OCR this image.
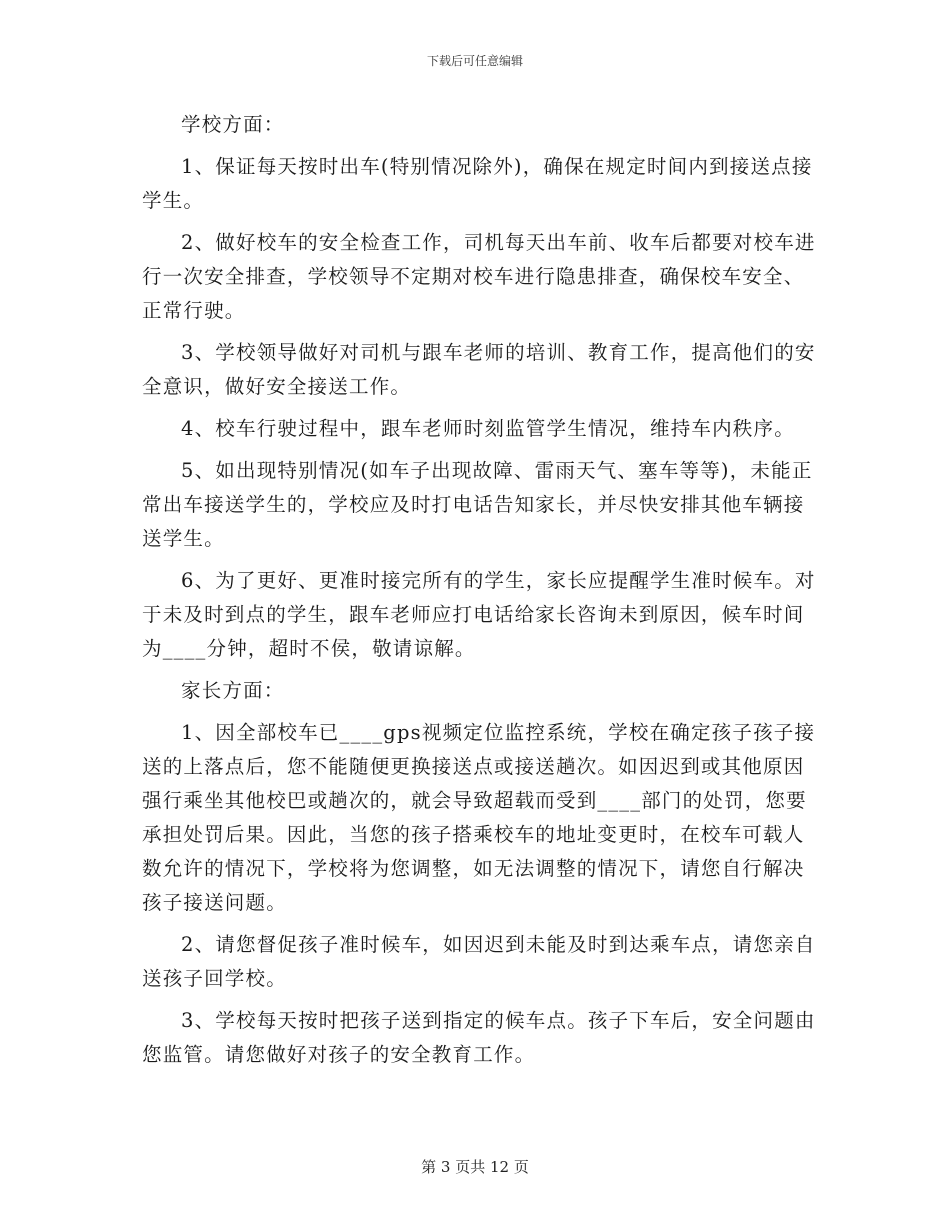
下载后可任意编辑

学校方面：

1、保证每天按时出车(特别情况除外)，确保在规定时间内到接送点接学生。

2、做好校车的安全检查工作，司机每天出车前、收车后都要对校车进行一次安全排查，学校领导不定期对校车进行隐患排查，确保校车安全、正常行驶。

3、学校领导做好对司机与跟车老师的培训、教育工作，提高他们的安全意识，做好安全接送工作。

4、校车行驶过程中，跟车老师时刻监管学生情况，维持车内秩序。

5、如出现特别情况(如车子出现故障、雷雨天气、塞车等等)，未能正常出车接送学生的，学校应及时打电话告知家长，并尽快安排其他车辆接送学生。

6、为了更好、更准时接完所有的学生，家长应提醒学生准时候车。对于未及时到点的学生，跟车老师应打电话给家长咨询未到原因，候车时间为____分钟，超时不侯，敬请谅解。

家长方面：

1、因全部校车已____gps视频定位监控系统，学校在确定孩子孩子接送的上落点后，您不能随便更换接送点或接送趟次。如因迟到或其他原因强行乘坐其他校巴或趟次的，就会导致超载而受到____部门的处罚，您要承担处罚后果。因此，当您的孩子搭乘校车的地址变更时，在校车可载人数允许的情况下，学校将为您调整，如无法调整的情况下，请您自行解决孩子接送问题。

2、请您督促孩子准时候车，如因迟到未能及时到达乘车点，请您亲自送孩子回学校。

3、学校每天按时把孩子送到指定的候车点。孩子下车后，安全问题由您监管。请您做好对孩子的安全教育工作。

第 3 页共 12 页
